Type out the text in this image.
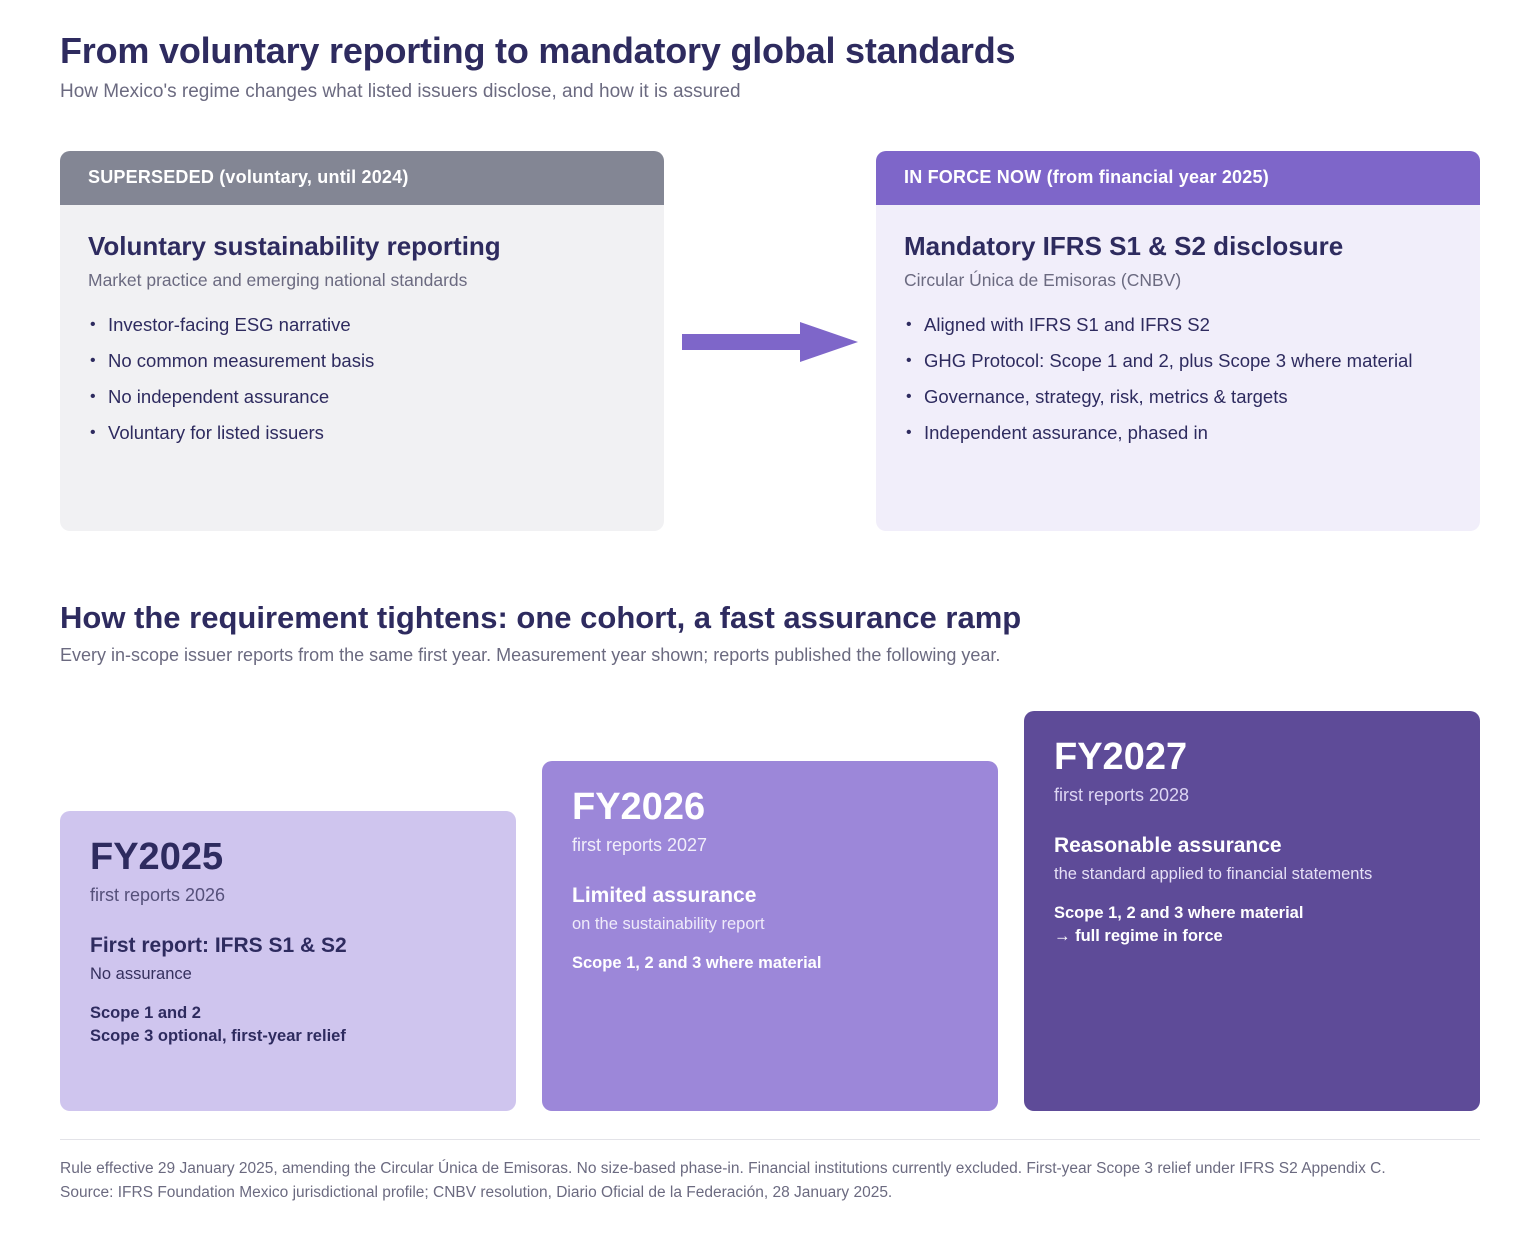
From voluntary reporting to mandatory global standards
How Mexico's regime changes what listed issuers disclose, and how it is assured
SUPERSEDED (voluntary, until 2024)
Voluntary sustainability reporting
Market practice and emerging national standards
• Investor-facing ESG narrative
• No common measurement basis
• No independent assurance
• Voluntary for listed issuers
IN FORCE NOW (from financial year 2025)
Mandatory IFRS S1 & S2 disclosure
Circular Única de Emisoras (CNBV)
• Aligned with IFRS S1 and IFRS S2
• GHG Protocol: Scope 1 and 2, plus Scope 3 where material
• Governance, strategy, risk, metrics & targets
• Independent assurance, phased in
How the requirement tightens: one cohort, a fast assurance ramp
Every in-scope issuer reports from the same first year. Measurement year shown; reports published the following year.
FY2025
first reports 2026
First report: IFRS S1 & S2
No assurance
Scope 1 and 2
Scope 3 optional, first-year relief
FY2026
first reports 2027
Limited assurance
on the sustainability report
Scope 1, 2 and 3 where material
FY2027
first reports 2028
Reasonable assurance
the standard applied to financial statements
Scope 1, 2 and 3 where material
→ full regime in force
Rule effective 29 January 2025, amending the Circular Única de Emisoras. No size-based phase-in. Financial institutions currently excluded. First-year Scope 3 relief under IFRS S2 Appendix C.
Source: IFRS Foundation Mexico jurisdictional profile; CNBV resolution, Diario Oficial de la Federación, 28 January 2025.
